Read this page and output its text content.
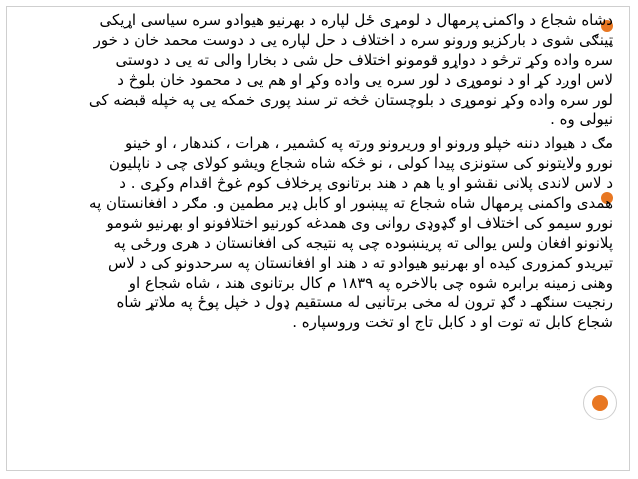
دشاه شجاع د واکمنۍ پرمهال د لومړی ځل لپاره د بهرنیو هیوادو سره سیاسی اړیکی
ټینګی شوی د بارکزیو ورونو سره د اختلاف د حل لپاره یی د دوست محمد خان د خور
سره واده وکړ ترڅو د دواړو قومونو اختلاف حل شی د بخارا والی ته یی د دوستی
لاس اوږد کړ او د نوموړی د لور سره یی واده وکړ او هم یی د محمود خان بلوڅ د
لور سره واده وکړ نوموړی د بلوچستان څخه تر سند پوری خمکه یی په خپله قبضه کی
نیولی وه .
مګ د هیواد دننه خپلو ورونو او وریرونو ورته په کشمیر ، هرات ، کندهار ، او خینو
نورو ولایتونو کی ستونزی پیدا کولی ، نو څکه شاه شجاع ویشو کولای چی د ناپلیون
د لاس لاندی پلانی نقشو او یا هم د هند برتانوی پرخلاف کوم غوڅ اقدام وکړی . د
همدی واکمنی پرمهال شاه شجاع ته پیښور او کابل ډیر مطمین و. مګر د افغانستان په
نورو سیمو کی اختلاف او ګډوډی روانی وی همدغه کورنیو اختلافونو او بهرنیو شومو
پلانونو افغان ولس یوالی ته پرینښوده چی په نتیجه کی افغانستان د هری ورځی په
تیریدو کمزوری کیده او بهرنیو هیوادو ته د هند او افغانستان په سرحدونو کی د لاس
وهنی زمینه برابره شوه چی بالاخره په ۱۸۳۹ م کال برتانوی هند ، شاه شجاع او
رنجیت سنګهـ د ګډ ترون له مخی برتانیی له مستقیم ډول د خپل پوځ په ملاتړ شاه
شجاع کابل ته توت او د کابل تاج او تخت وروسپاره .
